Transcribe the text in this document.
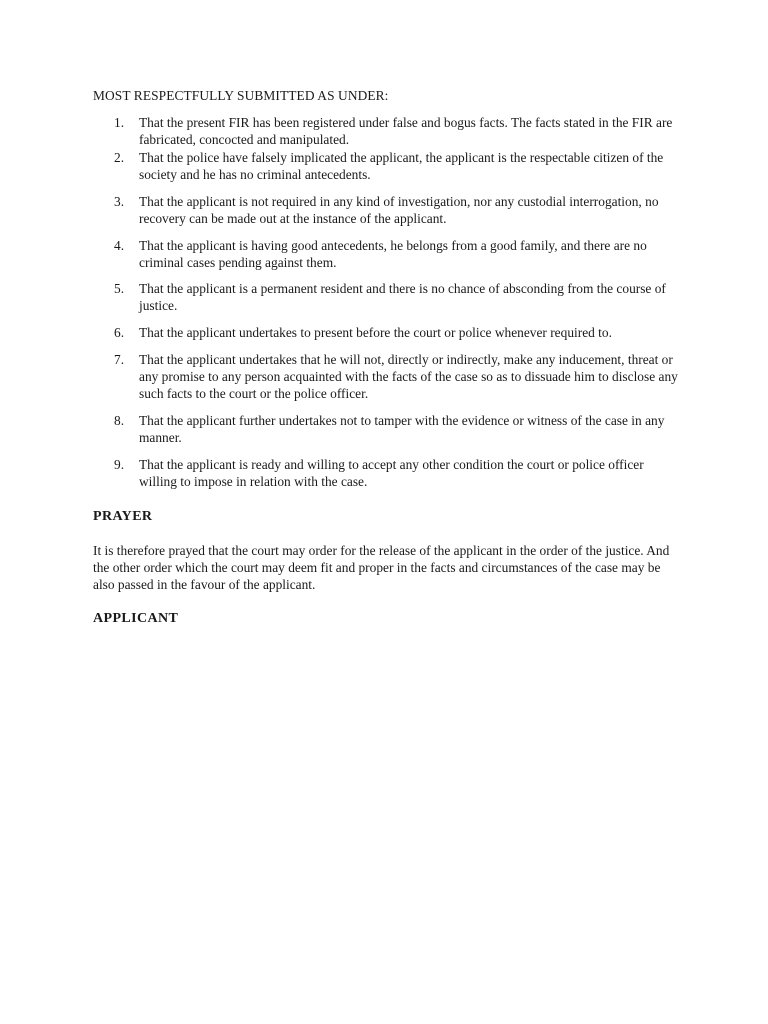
MOST RESPECTFULLY SUBMITTED AS UNDER:

1. That the present FIR has been registered under false and bogus facts. The facts stated in the FIR are fabricated, concocted and manipulated.
2. That the police have falsely implicated the applicant, the applicant is the respectable citizen of the society and he has no criminal antecedents.
3. That the applicant is not required in any kind of investigation, nor any custodial interrogation, no recovery can be made out at the instance of the applicant.
4. That the applicant is having good antecedents, he belongs from a good family, and there are no criminal cases pending against them.
5. That the applicant is a permanent resident and there is no chance of absconding from the course of justice.
6. That the applicant undertakes to present before the court or police whenever required to.
7. That the applicant undertakes that he will not, directly or indirectly, make any inducement, threat or any promise to any person acquainted with the facts of the case so as to dissuade him to disclose any such facts to the court or the police officer.
8. That the applicant further undertakes not to tamper with the evidence or witness of the case in any manner.
9. That the applicant is ready and willing to accept any other condition the court or police officer willing to impose in relation with the case.
PRAYER

It is therefore prayed that the court may order for the release of the applicant in the order of the justice. And the other order which the court may deem fit and proper in the facts and circumstances of the case may be also passed in the favour of the applicant.

APPLICANT
